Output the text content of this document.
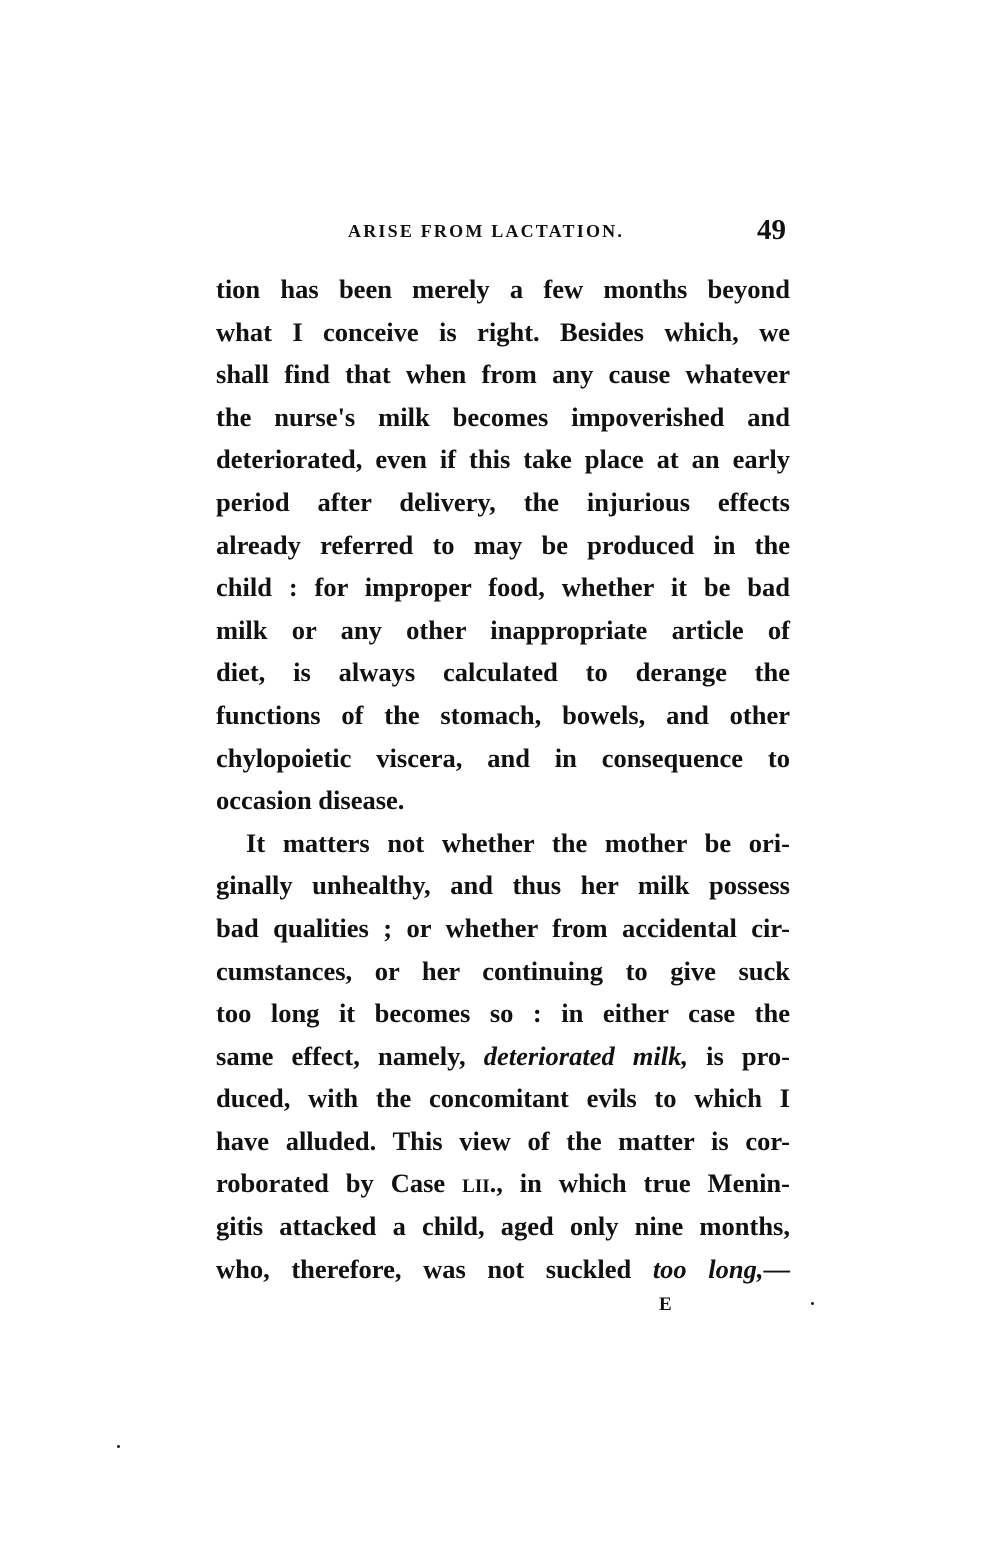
ARISE FROM LACTATION.	49
tion has been merely a few months beyond
what I conceive is right. Besides which, we
shall find that when from any cause whatever
the nurse's milk becomes impoverished and
deteriorated, even if this take place at an early
period after delivery, the injurious effects
already referred to may be produced in the
child : for improper food, whether it be bad
milk or any other inappropriate article of
diet, is always calculated to derange the
functions of the stomach, bowels, and other
chylopoietic viscera, and in consequence to
occasion disease.
It matters not whether the mother be ori-
ginally unhealthy, and thus her milk possess
bad qualities ; or whether from accidental cir-
cumstances, or her continuing to give suck
too long it becomes so : in either case the
same effect, namely, deteriorated milk, is pro-
duced, with the concomitant evils to which I
have alluded. This view of the matter is cor-
roborated by Case lii., in which true Menin-
gitis attacked a child, aged only nine months,
who, therefore, was not suckled too long,—
E
